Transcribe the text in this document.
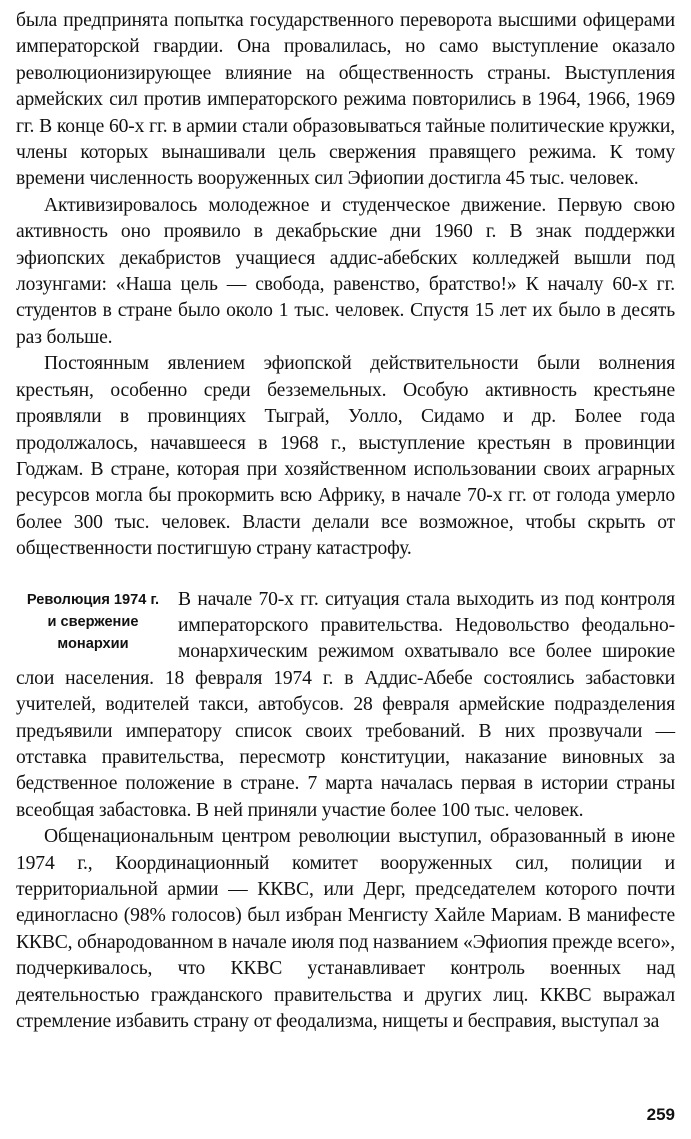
была предпринята попытка государственного переворота высшими офицерами императорской гвардии. Она провалилась, но само выступление оказало революционизирующее влияние на общественность страны. Выступления армейских сил против императорского режима повторились в 1964, 1966, 1969 гг. В конце 60-х гг. в армии стали образовываться тайные политические кружки, члены которых вынашивали цель свержения правящего режима. К тому времени численность вооруженных сил Эфиопии достигла 45 тыс. человек.

Активизировалось молодежное и студенческое движение. Первую свою активность оно проявило в декабрьские дни 1960 г. В знак поддержки эфиопских декабристов учащиеся аддис-абебских колледжей вышли под лозунгами: «Наша цель — свобода, равенство, братство!» К началу 60-х гг. студентов в стране было около 1 тыс. человек. Спустя 15 лет их было в десять раз больше.

Постоянным явлением эфиопской действительности были волнения крестьян, особенно среди безземельных. Особую активность крестьяне проявляли в провинциях Тыграй, Уолло, Сидамо и др. Более года продолжалось, начавшееся в 1968 г., выступление крестьян в провинции Годжам. В стране, которая при хозяйственном использовании своих аграрных ресурсов могла бы прокормить всю Африку, в начале 70-х гг. от голода умерло более 300 тыс. человек. Власти делали все возможное, чтобы скрыть от общественности постигшую страну катастрофу.

Революция 1974 г.
и свержение
монархии

В начале 70-х гг. ситуация стала выходить из под контроля императорского правительства. Недовольство феодально-монархическим режимом охватывало все более широкие слои населения. 18 февраля 1974 г. в Аддис-Абебе состоялись забастовки учителей, водителей такси, автобусов. 28 февраля армейские подразделения предъявили императору список своих требований. В них прозвучали — отставка правительства, пересмотр конституции, наказание виновных за бедственное положение в стране. 7 марта началась первая в истории страны всеобщая забастовка. В ней приняли участие более 100 тыс. человек.

Общенациональным центром революции выступил, образованный в июне 1974 г., Координационный комитет вооруженных сил, полиции и территориальной армии — ККВС, или Дерг, председателем которого почти единогласно (98% голосов) был избран Менгисту Хайле Мариам. В манифесте ККВС, обнародованном в начале июля под названием «Эфиопия прежде всего», подчеркивалось, что ККВС устанавливает контроль военных над деятельностью гражданского правительства и других лиц. ККВС выражал стремление избавить страну от феодализма, нищеты и бесправия, выступал за

259
